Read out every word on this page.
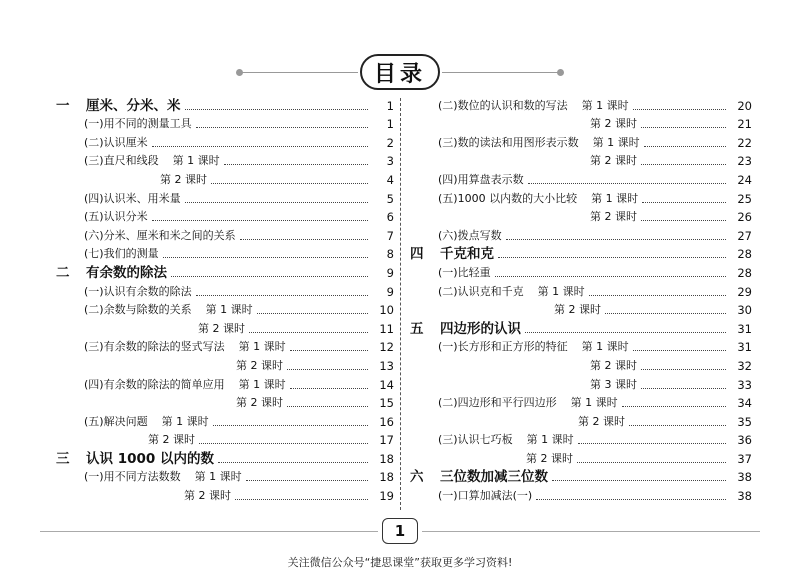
目录
一	厘米、分米、米	1
(一)用不同的测量工具	1
(二)认识厘米	2
(三)直尺和线段	第 1 课时	3
第 2 课时	4
(四)认识米、用米量	5
(五)认识分米	6
(六)分米、厘米和米之间的关系	7
(七)我们的测量	8
二	有余数的除法	9
(一)认识有余数的除法	9
(二)余数与除数的关系	第 1 课时	10
第 2 课时	11
(三)有余数的除法的竖式写法	第 1 课时	12
第 2 课时	13
(四)有余数的除法的简单应用	第 1 课时	14
第 2 课时	15
(五)解决问题	第 1 课时	16
第 2 课时	17
三	认识 1000 以内的数	18
(一)用不同方法数数	第 1 课时	18
第 2 课时	19
(二)数位的认识和数的写法	第 1 课时	20
第 2 课时	21
(三)数的读法和用图形表示数	第 1 课时	22
第 2 课时	23
(四)用算盘表示数	24
(五)1000 以内数的大小比较	第 1 课时	25
第 2 课时	26
(六)拨点写数	27
四	千克和克	28
(一)比轻重	28
(二)认识克和千克	第 1 课时	29
第 2 课时	30
五	四边形的认识	31
(一)长方形和正方形的特征	第 1 课时	31
第 2 课时	32
第 3 课时	33
(二)四边形和平行四边形	第 1 课时	34
第 2 课时	35
(三)认识七巧板	第 1 课时	36
第 2 课时	37
六	三位数加减三位数	38
(一)口算加减法(一)	38
1
关注微信公众号“捷思课堂”获取更多学习资料!
